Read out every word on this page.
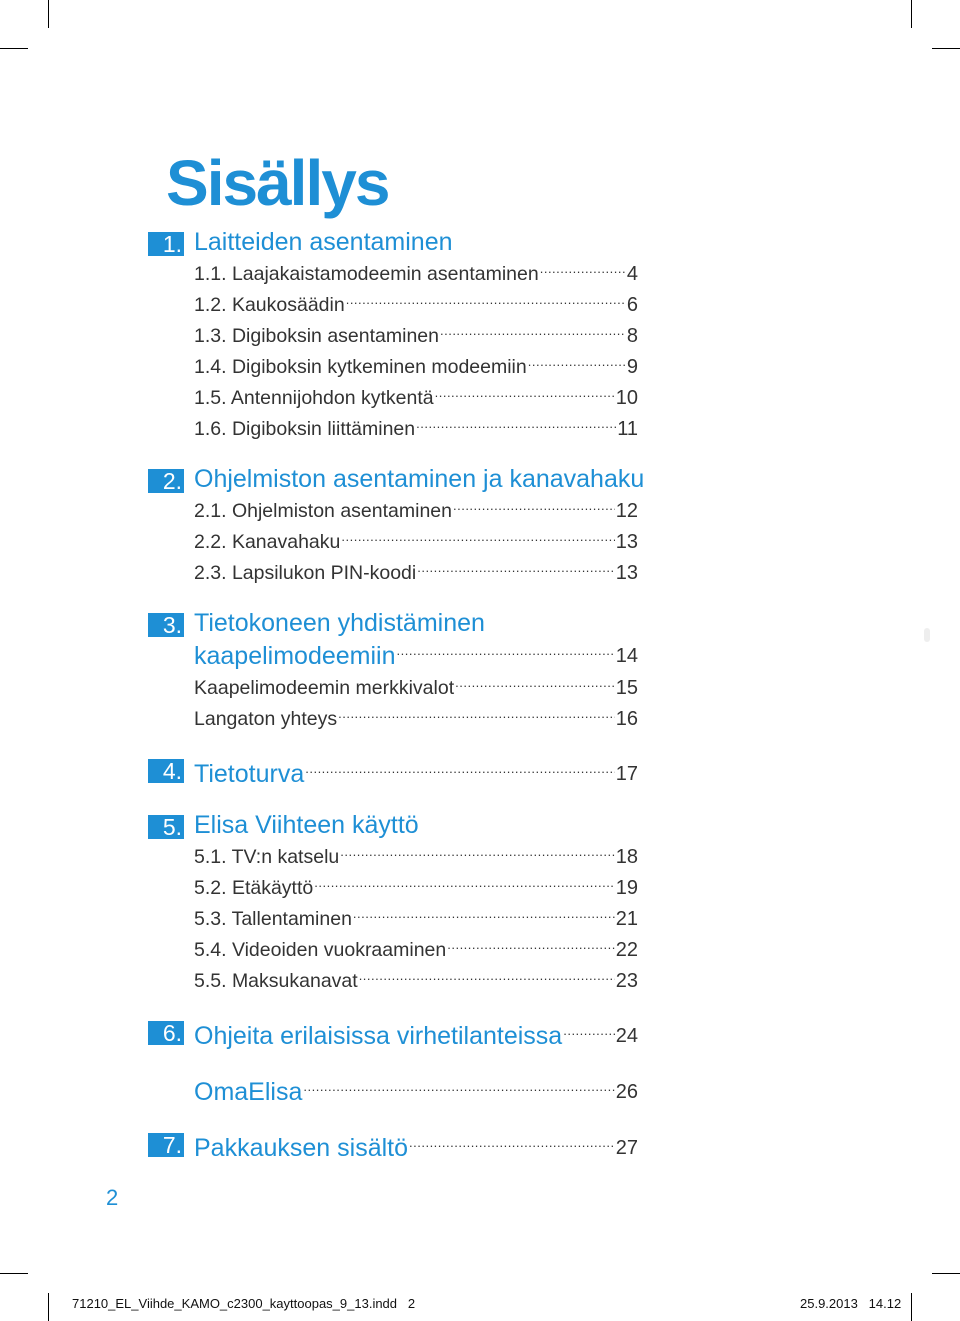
Sisällys
1. Laitteiden asentaminen
1.1. Laajakaistamodeemin asentaminen .....	4
1.2. Kaukosäädin .....	6
1.3. Digiboksin asentaminen .....	8
1.4. Digiboksin kytkeminen modeemiin .....	9
1.5. Antennijohdon kytkentä .....	10
1.6. Digiboksin liittäminen .....	11
2. Ohjelmiston asentaminen ja kanavahaku
2.1. Ohjelmiston asentaminen .....	12
2.2. Kanavahaku .....	13
2.3. Lapsilukon PIN-koodi .....	13
3. Tietokoneen yhdistäminen
kaapelimodeemiin .....	14
Kaapelimodeemin merkkivalot .....	15
Langaton yhteys .....	16
4. Tietoturva .....	17
5. Elisa Viihteen käyttö
5.1. TV:n katselu .....	18
5.2. Etäkäyttö .....	19
5.3. Tallentaminen .....	21
5.4. Videoiden vuokraaminen .....	22
5.5. Maksukanavat .....	23
6. Ohjeita erilaisissa virhetilanteissa .....	24
OmaElisa .....	26
7. Pakkauksen sisältö .....	27
2
71210_EL_Viihde_KAMO_c2300_kayttoopas_9_13.indd   2	25.9.2013   14.12
